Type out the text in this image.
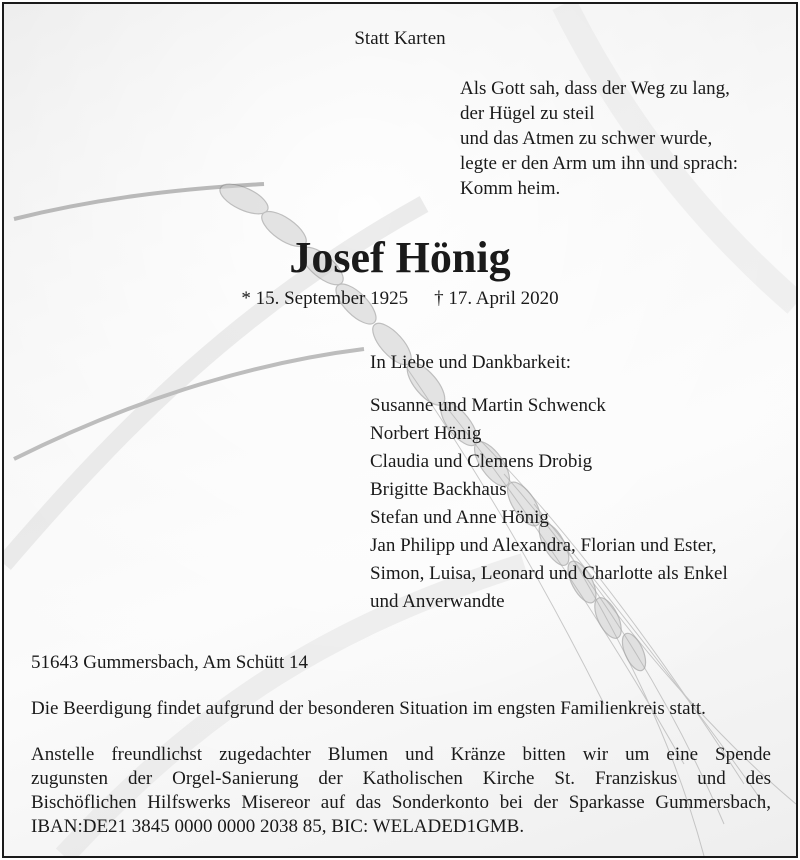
Statt Karten
Als Gott sah, dass der Weg zu lang,
der Hügel zu steil
und das Atmen zu schwer wurde,
legte er den Arm um ihn und sprach:
Komm heim.
Josef Hönig
* 15. September 1925 † 17. April 2020
In Liebe und Dankbarkeit:
Susanne und Martin Schwenck
Norbert Hönig
Claudia und Clemens Drobig
Brigitte Backhaus
Stefan und Anne Hönig
Jan Philipp und Alexandra, Florian und Ester,
Simon, Luisa, Leonard und Charlotte als Enkel
und Anverwandte
51643 Gummersbach, Am Schütt 14
Die Beerdigung findet aufgrund der besonderen Situation im engsten Familienkreis statt.
Anstelle freundlichst zugedachter Blumen und Kränze bitten wir um eine Spende
zugunsten der Orgel-Sanierung der Katholischen Kirche St. Franziskus und des
Bischöflichen Hilfswerks Misereor auf das Sonderkonto bei der Sparkasse Gummersbach,
IBAN:DE21 3845 0000 0000 2038 85, BIC: WELADED1GMB.
